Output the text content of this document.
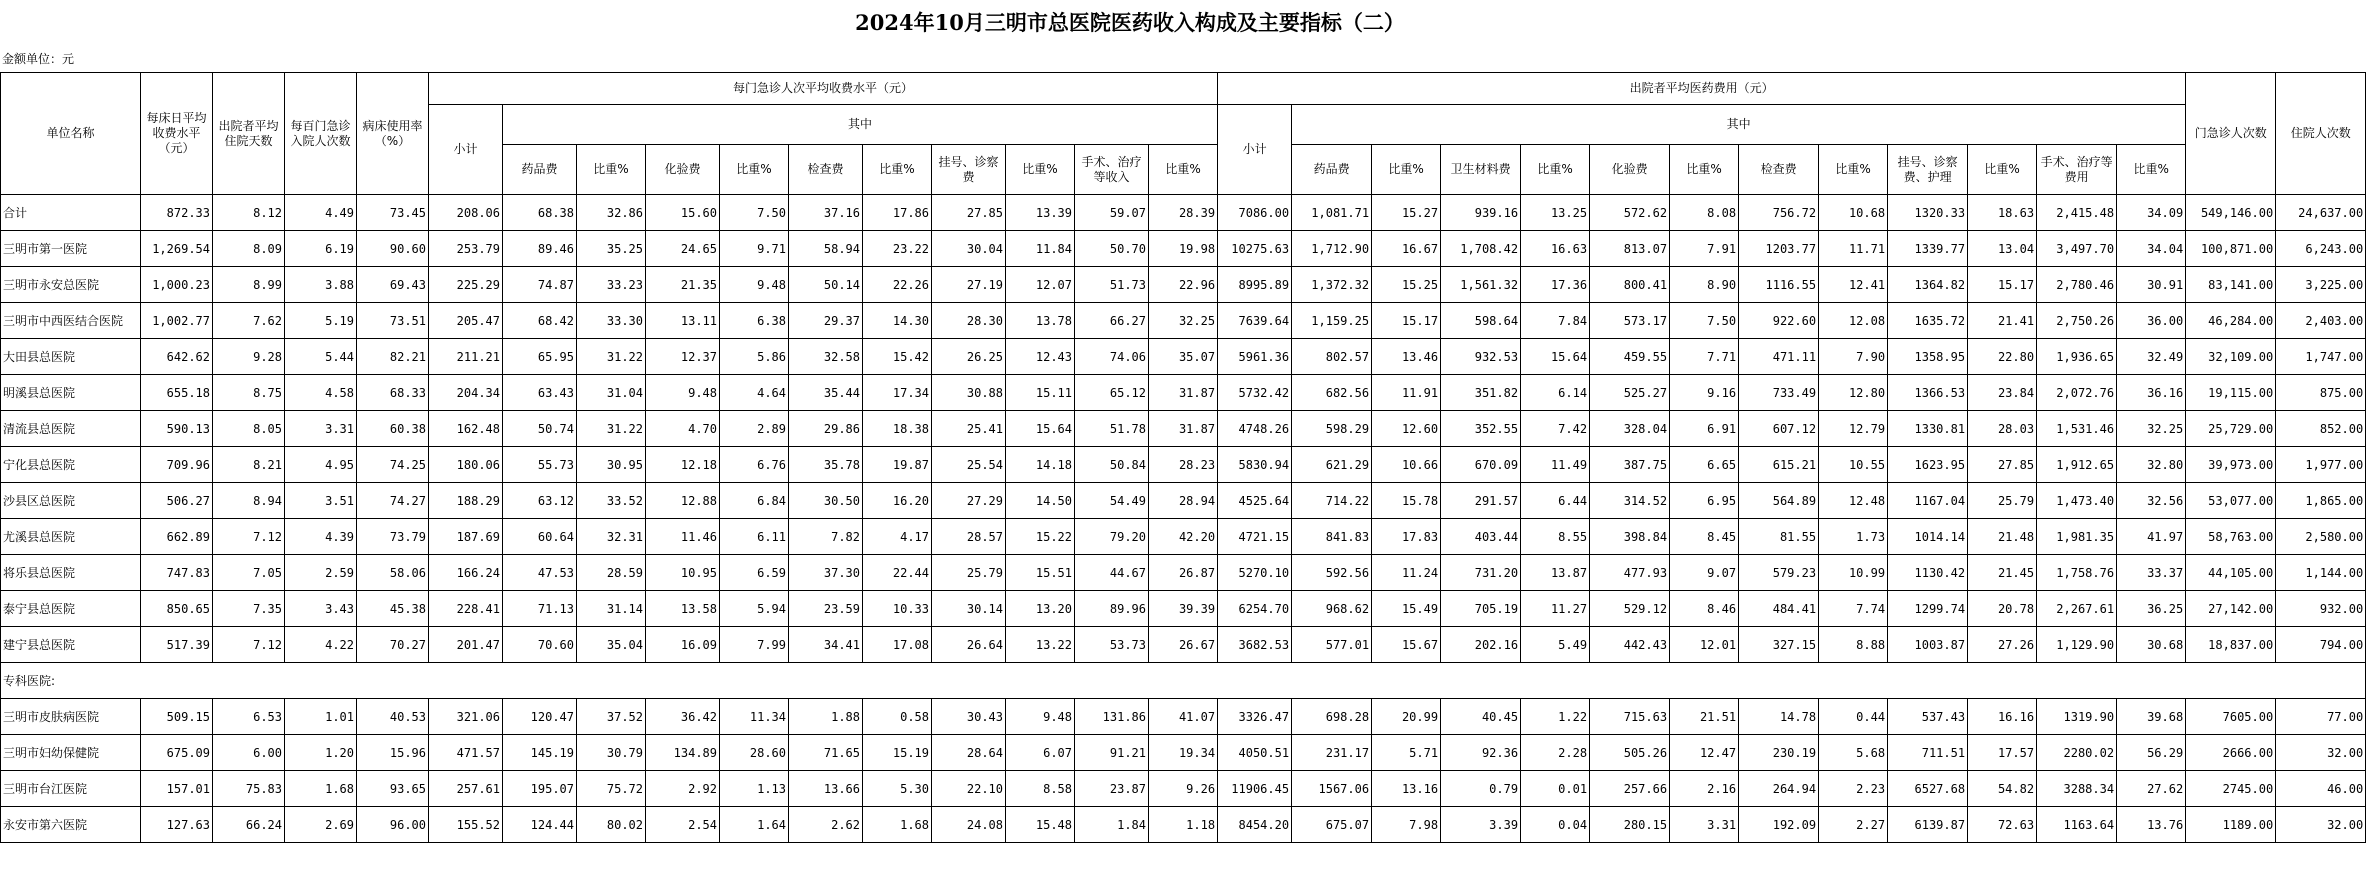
2024年10月三明市总医院医药收入构成及主要指标（二）
金额单位：元
单位名称	每床日平均收费水平（元）	出院者平均住院天数	每百门急诊入院人次数	病床使用率（%）	每门急诊人次平均收费水平（元）											出院者平均医药费用（元）													门急诊人次数	住院人次数
					小计	其中										小计	其中													
						药品费	比重%	化验费	比重%	检查费	比重%	挂号、诊察费	比重%	手术、治疗等收入	比重%		药品费	比重%	卫生材料费	比重%	化验费	比重%	检查费	比重%	挂号、诊察费、护理	比重%	手术、治疗等费用	比重%		
合计	872.33	8.12	4.49	73.45	208.06	68.38	32.86	15.60	7.50	37.16	17.86	27.85	13.39	59.07	28.39	7086.00	1,081.71	15.27	939.16	13.25	572.62	8.08	756.72	10.68	1320.33	18.63	2,415.48	34.09	549,146.00	24,637.00
三明市第一医院	1,269.54	8.09	6.19	90.60	253.79	89.46	35.25	24.65	9.71	58.94	23.22	30.04	11.84	50.70	19.98	10275.63	1,712.90	16.67	1,708.42	16.63	813.07	7.91	1203.77	11.71	1339.77	13.04	3,497.70	34.04	100,871.00	6,243.00
三明市永安总医院	1,000.23	8.99	3.88	69.43	225.29	74.87	33.23	21.35	9.48	50.14	22.26	27.19	12.07	51.73	22.96	8995.89	1,372.32	15.25	1,561.32	17.36	800.41	8.90	1116.55	12.41	1364.82	15.17	2,780.46	30.91	83,141.00	3,225.00
三明市中西医结合医院	1,002.77	7.62	5.19	73.51	205.47	68.42	33.30	13.11	6.38	29.37	14.30	28.30	13.78	66.27	32.25	7639.64	1,159.25	15.17	598.64	7.84	573.17	7.50	922.60	12.08	1635.72	21.41	2,750.26	36.00	46,284.00	2,403.00
大田县总医院	642.62	9.28	5.44	82.21	211.21	65.95	31.22	12.37	5.86	32.58	15.42	26.25	12.43	74.06	35.07	5961.36	802.57	13.46	932.53	15.64	459.55	7.71	471.11	7.90	1358.95	22.80	1,936.65	32.49	32,109.00	1,747.00
明溪县总医院	655.18	8.75	4.58	68.33	204.34	63.43	31.04	9.48	4.64	35.44	17.34	30.88	15.11	65.12	31.87	5732.42	682.56	11.91	351.82	6.14	525.27	9.16	733.49	12.80	1366.53	23.84	2,072.76	36.16	19,115.00	875.00
清流县总医院	590.13	8.05	3.31	60.38	162.48	50.74	31.22	4.70	2.89	29.86	18.38	25.41	15.64	51.78	31.87	4748.26	598.29	12.60	352.55	7.42	328.04	6.91	607.12	12.79	1330.81	28.03	1,531.46	32.25	25,729.00	852.00
宁化县总医院	709.96	8.21	4.95	74.25	180.06	55.73	30.95	12.18	6.76	35.78	19.87	25.54	14.18	50.84	28.23	5830.94	621.29	10.66	670.09	11.49	387.75	6.65	615.21	10.55	1623.95	27.85	1,912.65	32.80	39,973.00	1,977.00
沙县区总医院	506.27	8.94	3.51	74.27	188.29	63.12	33.52	12.88	6.84	30.50	16.20	27.29	14.50	54.49	28.94	4525.64	714.22	15.78	291.57	6.44	314.52	6.95	564.89	12.48	1167.04	25.79	1,473.40	32.56	53,077.00	1,865.00
尤溪县总医院	662.89	7.12	4.39	73.79	187.69	60.64	32.31	11.46	6.11	7.82	4.17	28.57	15.22	79.20	42.20	4721.15	841.83	17.83	403.44	8.55	398.84	8.45	81.55	1.73	1014.14	21.48	1,981.35	41.97	58,763.00	2,580.00
将乐县总医院	747.83	7.05	2.59	58.06	166.24	47.53	28.59	10.95	6.59	37.30	22.44	25.79	15.51	44.67	26.87	5270.10	592.56	11.24	731.20	13.87	477.93	9.07	579.23	10.99	1130.42	21.45	1,758.76	33.37	44,105.00	1,144.00
泰宁县总医院	850.65	7.35	3.43	45.38	228.41	71.13	31.14	13.58	5.94	23.59	10.33	30.14	13.20	89.96	39.39	6254.70	968.62	15.49	705.19	11.27	529.12	8.46	484.41	7.74	1299.74	20.78	2,267.61	36.25	27,142.00	932.00
建宁县总医院	517.39	7.12	4.22	70.27	201.47	70.60	35.04	16.09	7.99	34.41	17.08	26.64	13.22	53.73	26.67	3682.53	577.01	15.67	202.16	5.49	442.43	12.01	327.15	8.88	1003.87	27.26	1,129.90	30.68	18,837.00	794.00
专科医院:																														
三明市皮肤病医院	509.15	6.53	1.01	40.53	321.06	120.47	37.52	36.42	11.34	1.88	0.58	30.43	9.48	131.86	41.07	3326.47	698.28	20.99	40.45	1.22	715.63	21.51	14.78	0.44	537.43	16.16	1319.90	39.68	7605.00	77.00
三明市妇幼保健院	675.09	6.00	1.20	15.96	471.57	145.19	30.79	134.89	28.60	71.65	15.19	28.64	6.07	91.21	19.34	4050.51	231.17	5.71	92.36	2.28	505.26	12.47	230.19	5.68	711.51	17.57	2280.02	56.29	2666.00	32.00
三明市台江医院	157.01	75.83	1.68	93.65	257.61	195.07	75.72	2.92	1.13	13.66	5.30	22.10	8.58	23.87	9.26	11906.45	1567.06	13.16	0.79	0.01	257.66	2.16	264.94	2.23	6527.68	54.82	3288.34	27.62	2745.00	46.00
永安市第六医院	127.63	66.24	2.69	96.00	155.52	124.44	80.02	2.54	1.64	2.62	1.68	24.08	15.48	1.84	1.18	8454.20	675.07	7.98	3.39	0.04	280.15	3.31	192.09	2.27	6139.87	72.63	1163.64	13.76	1189.00	32.00
